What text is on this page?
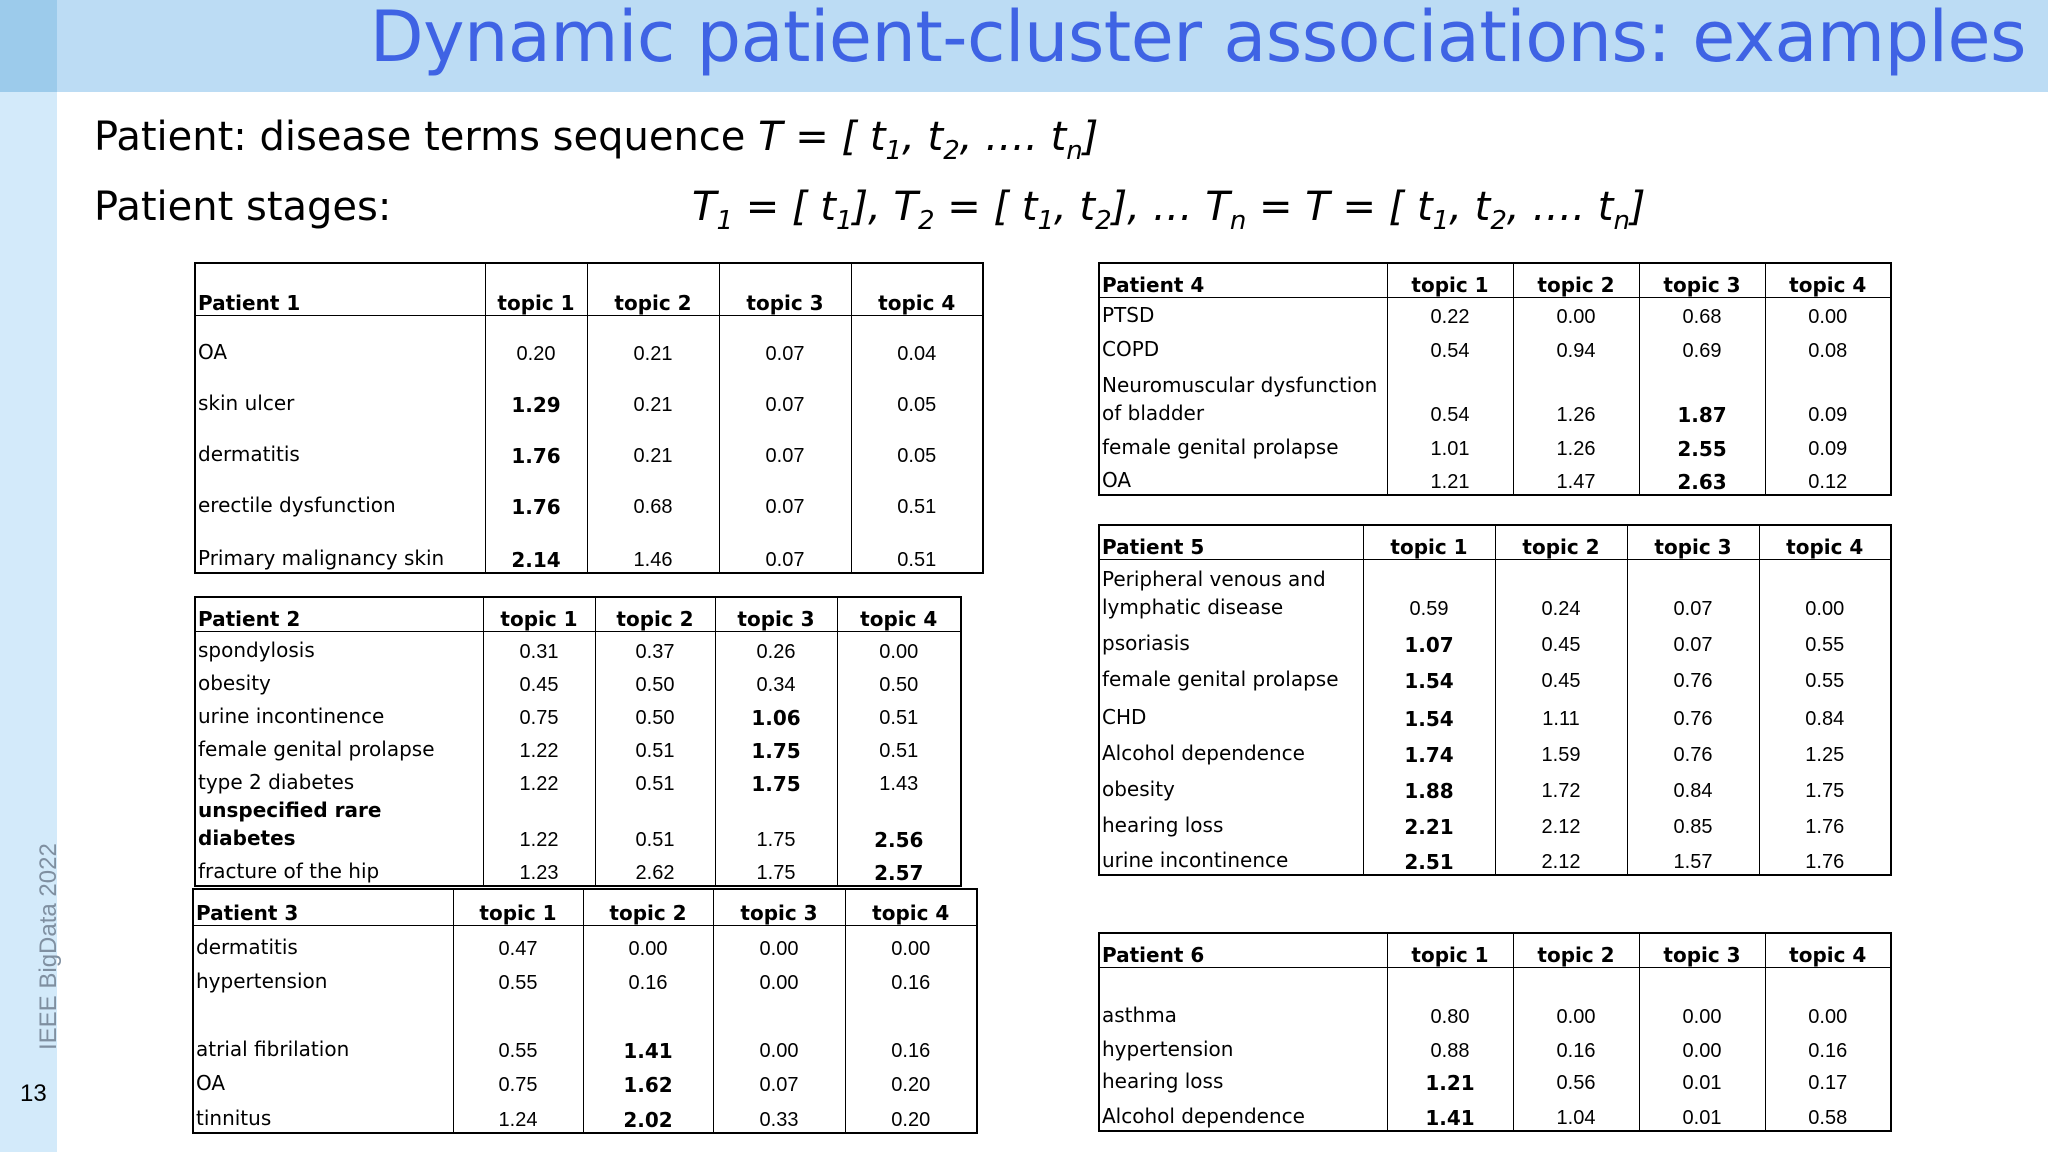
Dynamic patient-cluster associations: examples
IEEE BigData 2022
13
Patient: disease terms sequence T = [ $t_1$, $t_2$, …. $t_n$]
Patient stages:	$T_1$ = [ $t_1$], $T_2$ = [ $t_1$, $t_2$], … $T_n = T$ = [ $t_1$, $t_2$, …. $t_n$]
Patient 1	topic 1	topic 2	topic 3	topic 4
OA	0.20	0.21	0.07	0.04
skin ulcer	1.29	0.21	0.07	0.05
dermatitis	1.76	0.21	0.07	0.05
erectile dysfunction	1.76	0.68	0.07	0.51
Primary malignancy skin	2.14	1.46	0.07	0.51
Patient 2	topic 1	topic 2	topic 3	topic 4
spondylosis	0.31	0.37	0.26	0.00
obesity	0.45	0.50	0.34	0.50
urine incontinence	0.75	0.50	1.06	0.51
female genital prolapse	1.22	0.51	1.75	0.51
type 2 diabetes	1.22	0.51	1.75	1.43
unspecified rare diabetes	1.22	0.51	1.75	2.56
fracture of the hip	1.23	2.62	1.75	2.57
Patient 3	topic 1	topic 2	topic 3	topic 4
dermatitis	0.47	0.00	0.00	0.00
hypertension	0.55	0.16	0.00	0.16
atrial fibrilation	0.55	1.41	0.00	0.16
OA	0.75	1.62	0.07	0.20
tinnitus	1.24	2.02	0.33	0.20
Patient 4	topic 1	topic 2	topic 3	topic 4
PTSD	0.22	0.00	0.68	0.00
COPD	0.54	0.94	0.69	0.08
Neuromuscular dysfunction of bladder	0.54	1.26	1.87	0.09
female genital prolapse	1.01	1.26	2.55	0.09
OA	1.21	1.47	2.63	0.12
Patient 5	topic 1	topic 2	topic 3	topic 4
Peripheral venous and lymphatic disease	0.59	0.24	0.07	0.00
psoriasis	1.07	0.45	0.07	0.55
female genital prolapse	1.54	0.45	0.76	0.55
CHD	1.54	1.11	0.76	0.84
Alcohol dependence	1.74	1.59	0.76	1.25
obesity	1.88	1.72	0.84	1.75
hearing loss	2.21	2.12	0.85	1.76
urine incontinence	2.51	2.12	1.57	1.76
Patient 6	topic 1	topic 2	topic 3	topic 4
asthma	0.80	0.00	0.00	0.00
hypertension	0.88	0.16	0.00	0.16
hearing loss	1.21	0.56	0.01	0.17
Alcohol dependence	1.41	1.04	0.01	0.58
